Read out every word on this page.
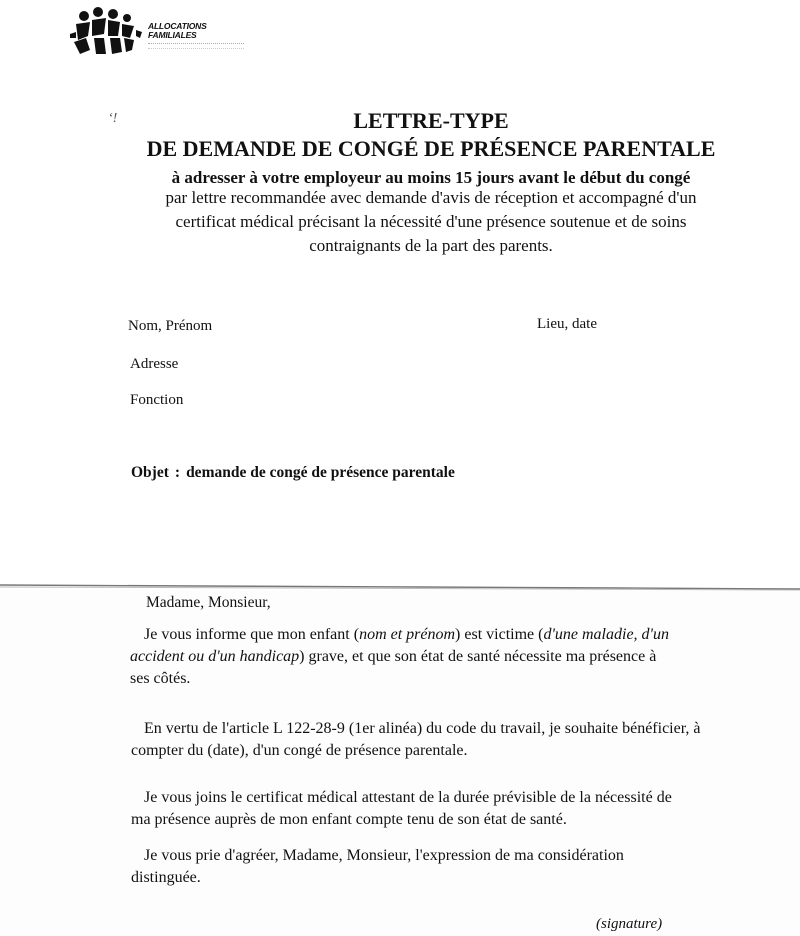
ALLOCATIONS
FAMILIALES
ʻ!	LETTRE-TYPE
DE DEMANDE DE CONGÉ DE PRÉSENCE PARENTALE
à adresser à votre employeur au moins 15 jours avant le début du congé
par lettre recommandée avec demande d'avis de réception et accompagné d'un
certificat médical précisant la nécessité d'une présence soutenue et de soins
contraignants de la part des parents.
Nom, Prénom	Lieu, date
Adresse
Fonction
Objet : demande de congé de présence parentale
Madame, Monsieur,
Je vous informe que mon enfant (nom et prénom) est victime (d'une maladie, d'un
accident ou d'un handicap) grave, et que son état de santé nécessite ma présence à
ses côtés.
En vertu de l'article L 122-28-9 (1er alinéa) du code du travail, je souhaite bénéficier, à
compter du (date), d'un congé de présence parentale.
Je vous joins le certificat médical attestant de la durée prévisible de la nécessité de
ma présence auprès de mon enfant compte tenu de son état de santé.
Je vous prie d'agréer, Madame, Monsieur, l'expression de ma considération
distinguée.
(signature)
